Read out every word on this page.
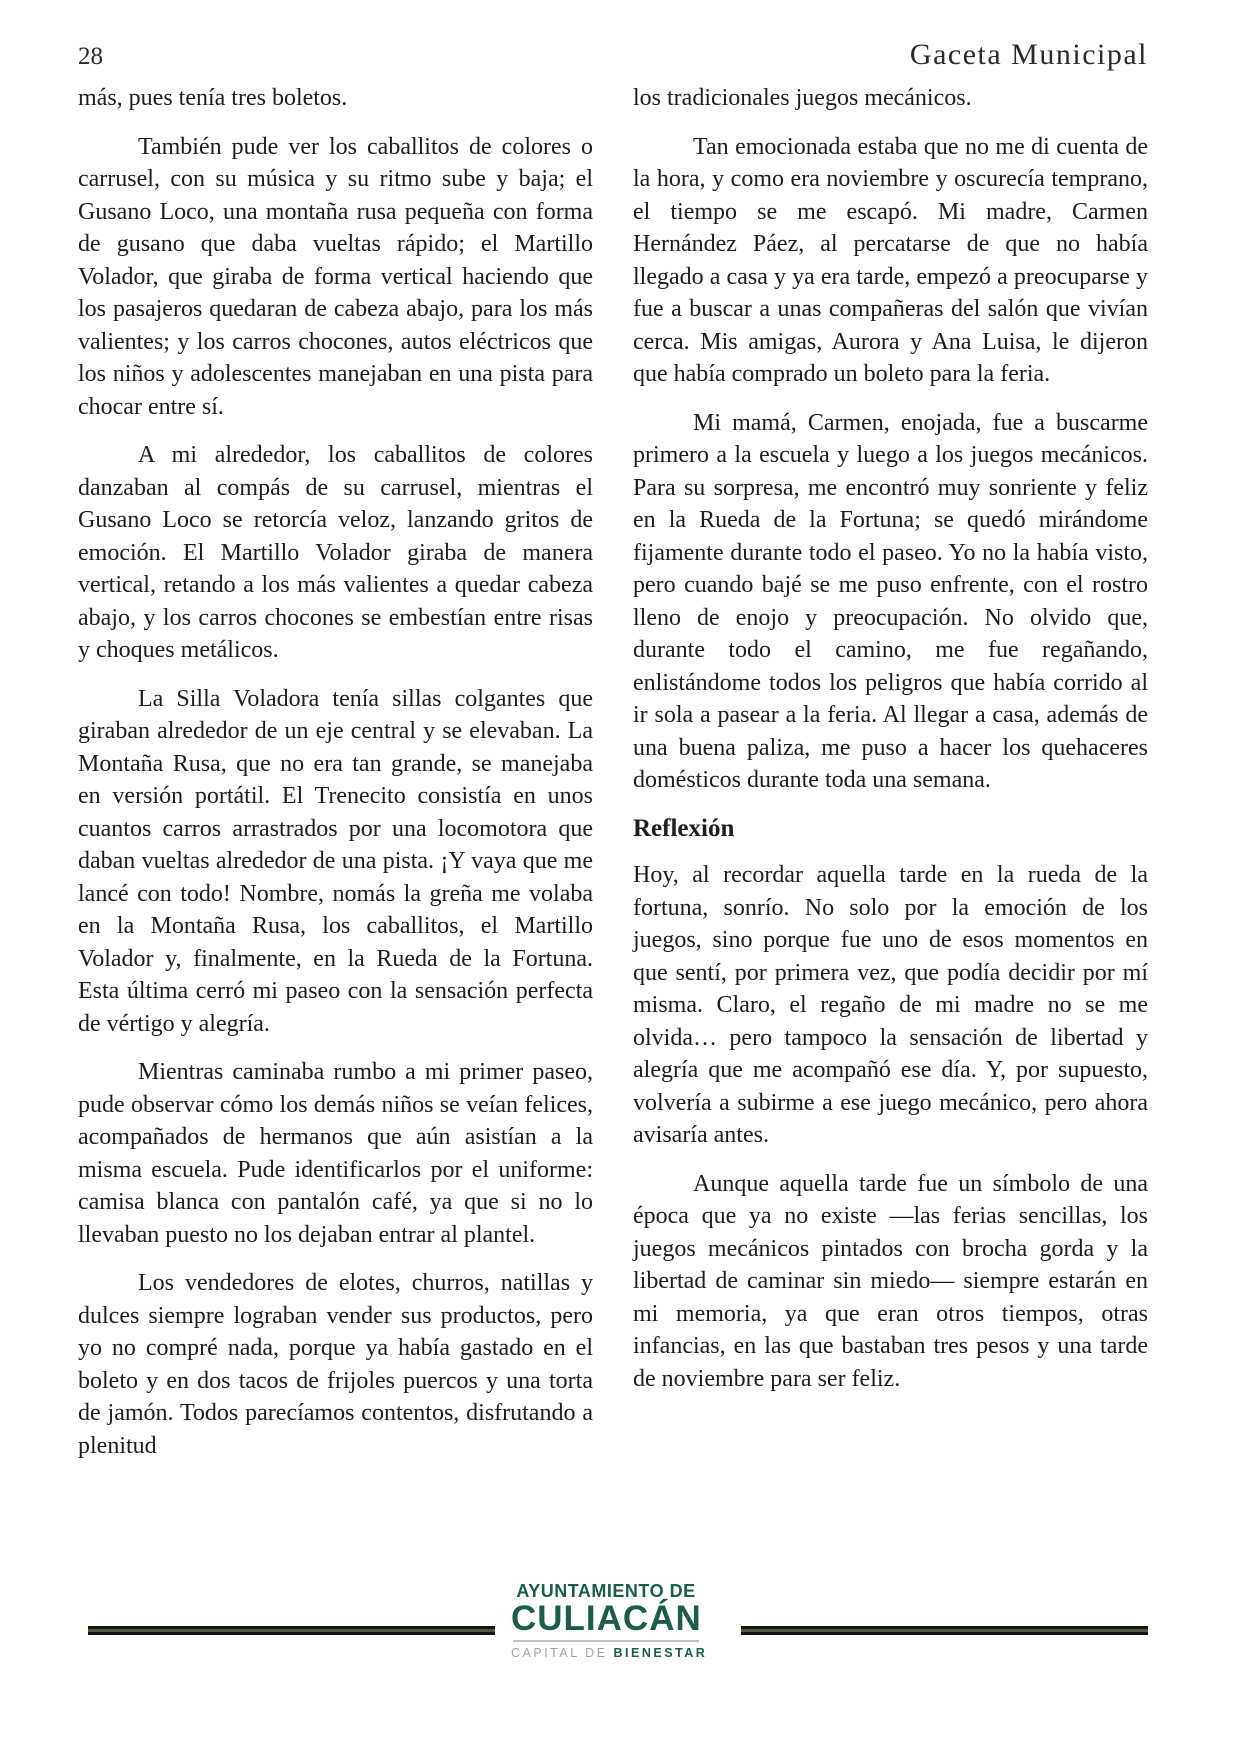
28	Gaceta Municipal

más, pues tenía tres boletos.

También pude ver los caballitos de colores o carrusel, con su música y su ritmo sube y baja; el Gusano Loco, una montaña rusa pequeña con forma de gusano que daba vueltas rápido; el Martillo Volador, que giraba de forma vertical haciendo que los pasajeros quedaran de cabeza abajo, para los más valientes; y los carros chocones, autos eléctricos que los niños y adolescentes manejaban en una pista para chocar entre sí.

A mi alrededor, los caballitos de colores danzaban al compás de su carrusel, mientras el Gusano Loco se retorcía veloz, lanzando gritos de emoción. El Martillo Volador giraba de manera vertical, retando a los más valientes a quedar cabeza abajo, y los carros chocones se embestían entre risas y choques metálicos.

La Silla Voladora tenía sillas colgantes que giraban alrededor de un eje central y se elevaban. La Montaña Rusa, que no era tan grande, se manejaba en versión portátil. El Trenecito consistía en unos cuantos carros arrastrados por una locomotora que daban vueltas alrededor de una pista. ¡Y vaya que me lancé con todo! Nombre, nomás la greña me volaba en la Montaña Rusa, los caballitos, el Martillo Volador y, finalmente, en la Rueda de la Fortuna. Esta última cerró mi paseo con la sensación perfecta de vértigo y alegría.

Mientras caminaba rumbo a mi primer paseo, pude observar cómo los demás niños se veían felices, acompañados de hermanos que aún asistían a la misma escuela. Pude identificarlos por el uniforme: camisa blanca con pantalón café, ya que si no lo llevaban puesto no los dejaban entrar al plantel.

Los vendedores de elotes, churros, natillas y dulces siempre lograban vender sus productos, pero yo no compré nada, porque ya había gastado en el boleto y en dos tacos de frijoles puercos y una torta de jamón. Todos parecíamos contentos, disfrutando a plenitud

los tradicionales juegos mecánicos.

Tan emocionada estaba que no me di cuenta de la hora, y como era noviembre y oscurecía temprano, el tiempo se me escapó. Mi madre, Carmen Hernández Páez, al percatarse de que no había llegado a casa y ya era tarde, empezó a preocuparse y fue a buscar a unas compañeras del salón que vivían cerca. Mis amigas, Aurora y Ana Luisa, le dijeron que había comprado un boleto para la feria.

Mi mamá, Carmen, enojada, fue a buscarme primero a la escuela y luego a los juegos mecánicos. Para su sorpresa, me encontró muy sonriente y feliz en la Rueda de la Fortuna; se quedó mirándome fijamente durante todo el paseo. Yo no la había visto, pero cuando bajé se me puso enfrente, con el rostro lleno de enojo y preocupación. No olvido que, durante todo el camino, me fue regañando, enlistándome todos los peligros que había corrido al ir sola a pasear a la feria. Al llegar a casa, además de una buena paliza, me puso a hacer los quehaceres domésticos durante toda una semana.

Reflexión

Hoy, al recordar aquella tarde en la rueda de la fortuna, sonrío. No solo por la emoción de los juegos, sino porque fue uno de esos momentos en que sentí, por primera vez, que podía decidir por mí misma. Claro, el regaño de mi madre no se me olvida… pero tampoco la sensación de libertad y alegría que me acompañó ese día. Y, por supuesto, volvería a subirme a ese juego mecánico, pero ahora avisaría antes.

Aunque aquella tarde fue un símbolo de una época que ya no existe —las ferias sencillas, los juegos mecánicos pintados con brocha gorda y la libertad de caminar sin miedo— siempre estarán en mi memoria, ya que eran otros tiempos, otras infancias, en las que bastaban tres pesos y una tarde de noviembre para ser feliz.

AYUNTAMIENTO DE
CULIACÁN
CAPITAL DE BIENESTAR
